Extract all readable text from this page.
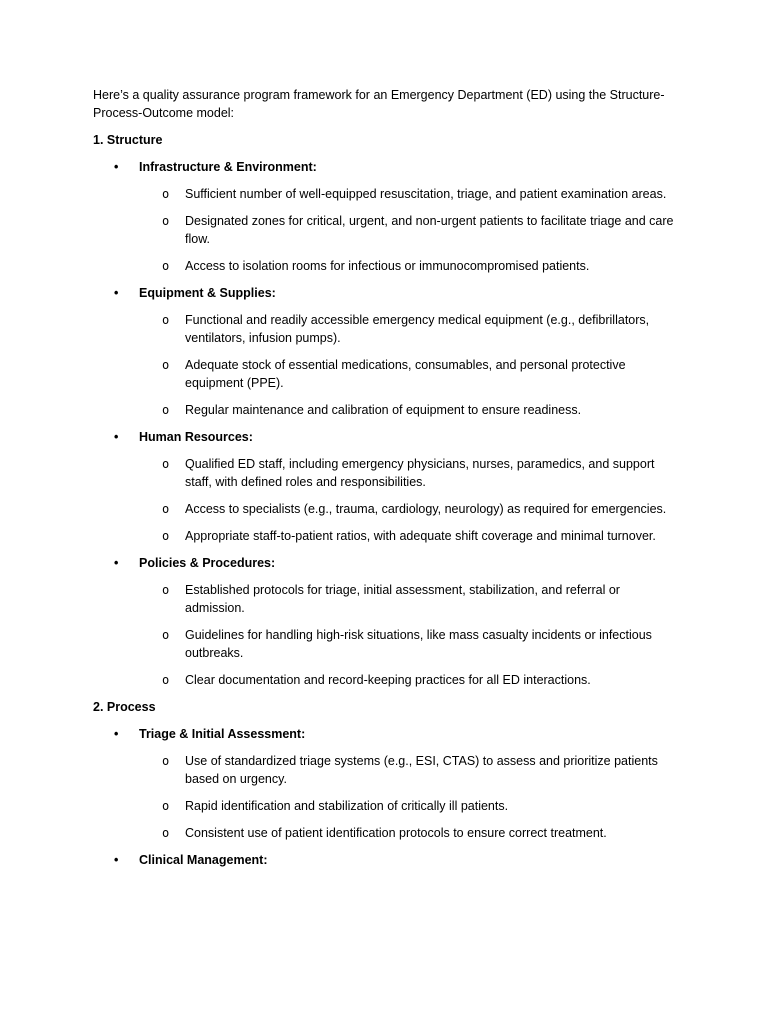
Here’s a quality assurance program framework for an Emergency Department (ED) using the Structure-Process-Outcome model:

1. Structure
• Infrastructure & Environment:
o Sufficient number of well-equipped resuscitation, triage, and patient examination areas.
o Designated zones for critical, urgent, and non-urgent patients to facilitate triage and care flow.
o Access to isolation rooms for infectious or immunocompromised patients.
• Equipment & Supplies:
o Functional and readily accessible emergency medical equipment (e.g., defibrillators, ventilators, infusion pumps).
o Adequate stock of essential medications, consumables, and personal protective equipment (PPE).
o Regular maintenance and calibration of equipment to ensure readiness.
• Human Resources:
o Qualified ED staff, including emergency physicians, nurses, paramedics, and support staff, with defined roles and responsibilities.
o Access to specialists (e.g., trauma, cardiology, neurology) as required for emergencies.
o Appropriate staff-to-patient ratios, with adequate shift coverage and minimal turnover.
• Policies & Procedures:
o Established protocols for triage, initial assessment, stabilization, and referral or admission.
o Guidelines for handling high-risk situations, like mass casualty incidents or infectious outbreaks.
o Clear documentation and record-keeping practices for all ED interactions.
2. Process
• Triage & Initial Assessment:
o Use of standardized triage systems (e.g., ESI, CTAS) to assess and prioritize patients based on urgency.
o Rapid identification and stabilization of critically ill patients.
o Consistent use of patient identification protocols to ensure correct treatment.
• Clinical Management:
